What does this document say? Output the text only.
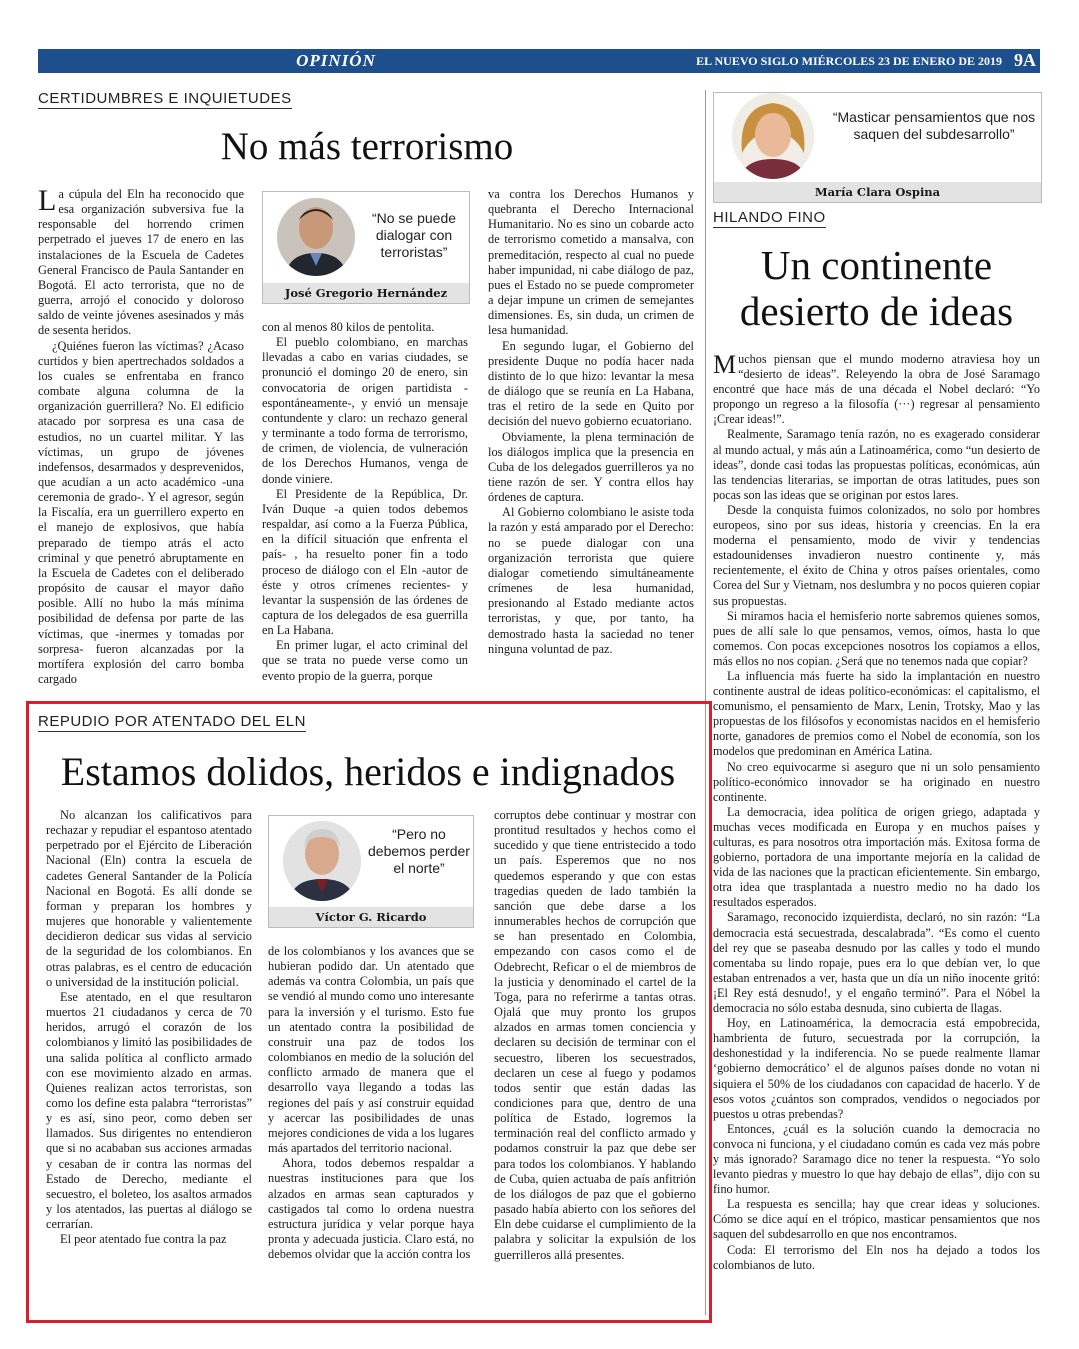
OPINIÓN	EL NUEVO SIGLO MIÉRCOLES 23 DE ENERO DE 2019 9A
CERTIDUMBRES E INQUIETUDES
No más terrorismo

La cúpula del Eln ha reconocido que esa organización subversiva fue la responsable del horrendo crimen perpetrado el jueves 17 de enero en las instalaciones de la Escuela de Cadetes General Francisco de Paula Santander en Bogotá. El acto terrorista, que no de guerra, arrojó el conocido y doloroso saldo de veinte jóvenes asesinados y más de sesenta heridos.

¿Quiénes fueron las víctimas? ¿Acaso curtidos y bien apertrechados soldados a los cuales se enfrentaba en franco combate alguna columna de la organización guerrillera? No. El edificio atacado por sorpresa es una casa de estudios, no un cuartel militar. Y las víctimas, un grupo de jóvenes indefensos, desarmados y desprevenidos, que acudían a un acto académico -una ceremonia de grado-. Y el agresor, según la Fiscalía, era un guerrillero experto en el manejo de explosivos, que había preparado de tiempo atrás el acto criminal y que penetró abruptamente en la Escuela de Cadetes con el deliberado propósito de causar el mayor daño posible. Allí no hubo la más mínima posibilidad de defensa por parte de las víctimas, que -inermes y tomadas por sorpresa- fueron alcanzadas por la mortífera explosión del carro bomba cargado

“No se puede dialogar con terroristas”
José Gregorio Hernández

con al menos 80 kilos de pentolita.

El pueblo colombiano, en marchas llevadas a cabo en varias ciudades, se pronunció el domingo 20 de enero, sin convocatoria de origen partidista -espontáneamente-, y envió un mensaje contundente y claro: un rechazo general y terminante a todo forma de terrorismo, de crimen, de violencia, de vulneración de los Derechos Humanos, venga de donde viniere.

El Presidente de la República, Dr. Iván Duque -a quien todos debemos respaldar, así como a la Fuerza Pública, en la difícil situación que enfrenta el país- , ha resuelto poner fin a todo proceso de diálogo con el Eln -autor de éste y otros crímenes recientes- y levantar la suspensión de las órdenes de captura de los delegados de esa guerrilla en La Habana.

En primer lugar, el acto criminal del que se trata no puede verse como un evento propio de la guerra, porque

va contra los Derechos Humanos y quebranta el Derecho Internacional Humanitario. No es sino un cobarde acto de terrorismo cometido a mansalva, con premeditación, respecto al cual no puede haber impunidad, ni cabe diálogo de paz, pues el Estado no se puede comprometer a dejar impune un crimen de semejantes dimensiones. Es, sin duda, un crimen de lesa humanidad.

En segundo lugar, el Gobierno del presidente Duque no podía hacer nada distinto de lo que hizo: levantar la mesa de diálogo que se reunía en La Habana, tras el retiro de la sede en Quito por decisión del nuevo gobierno ecuatoriano.

Obviamente, la plena terminación de los diálogos implica que la presencia en Cuba de los delegados guerrilleros ya no tiene razón de ser. Y contra ellos hay órdenes de captura.

Al Gobierno colombiano le asiste toda la razón y está amparado por el Derecho: no se puede dialogar con una organización terrorista que quiere dialogar cometiendo simultáneamente crímenes de lesa humanidad, presionando al Estado mediante actos terroristas, y que, por tanto, ha demostrado hasta la saciedad no tener ninguna voluntad de paz.

REPUDIO POR ATENTADO DEL ELN
Estamos dolidos, heridos e indignados

No alcanzan los calificativos para rechazar y repudiar el espantoso atentado perpetrado por el Ejército de Liberación Nacional (Eln) contra la escuela de cadetes General Santander de la Policía Nacional en Bogotá. Es allí donde se forman y preparan los hombres y mujeres que honorable y valientemente decidieron dedicar sus vidas al servicio de la seguridad de los colombianos. En otras palabras, es el centro de educación o universidad de la institución policial.

Ese atentado, en el que resultaron muertos 21 ciudadanos y cerca de 70 heridos, arrugó el corazón de los colombianos y limitó las posibilidades de una salida política al conflicto armado con ese movimiento alzado en armas. Quienes realizan actos terroristas, son como los define esta palabra “terroristas” y es así, sino peor, como deben ser llamados. Sus dirigentes no entendieron que si no acababan sus acciones armadas y cesaban de ir contra las normas del Estado de Derecho, mediante el secuestro, el boleteo, los asaltos armados y los atentados, las puertas al diálogo se cerrarían.

El peor atentado fue contra la paz

“Pero no debemos perder el norte”
Víctor G. Ricardo

de los colombianos y los avances que se hubieran podido dar. Un atentado que además va contra Colombia, un país que se vendió al mundo como uno interesante para la inversión y el turismo. Esto fue un atentado contra la posibilidad de construir una paz de todos los colombianos en medio de la solución del conflicto armado de manera que el desarrollo vaya llegando a todas las regiones del país y así construir equidad y acercar las posibilidades de unas mejores condiciones de vida a los lugares más apartados del territorio nacional.

Ahora, todos debemos respaldar a nuestras instituciones para que los alzados en armas sean capturados y castigados tal como lo ordena nuestra estructura jurídica y velar porque haya pronta y adecuada justicia. Claro está, no debemos olvidar que la acción contra los

corruptos debe continuar y mostrar con prontitud resultados y hechos como el sucedido y que tiene entristecido a todo un país. Esperemos que no nos quedemos esperando y que con estas tragedias queden de lado también la sanción que debe darse a los innumerables hechos de corrupción que se han presentado en Colombia, empezando con casos como el de Odebrecht, Reficar o el de miembros de la justicia y denominado el cartel de la Toga, para no referirme a tantas otras. Ojalá que muy pronto los grupos alzados en armas tomen conciencia y declaren su decisión de terminar con el secuestro, liberen los secuestrados, declaren un cese al fuego y podamos todos sentir que están dadas las condiciones para que, dentro de una política de Estado, logremos la terminación real del conflicto armado y podamos construir la paz que debe ser para todos los colombianos. Y hablando de Cuba, quien actuaba de país anfitrión de los diálogos de paz que el gobierno pasado había abierto con los señores del Eln debe cuidarse el cumplimiento de la palabra y solicitar la expulsión de los guerrilleros allá presentes.

“Masticar pensamientos que nos saquen del subdesarrollo”
María Clara Ospina
HILANDO FINO
Un continente
desierto de ideas

Muchos piensan que el mundo moderno atraviesa hoy un “desierto de ideas”. Releyendo la obra de José Saramago encontré que hace más de una década el Nobel declaró: “Yo propongo un regreso a la filosofía (···) regresar al pensamiento ¡Crear ideas!”.

Realmente, Saramago tenía razón, no es exagerado considerar al mundo actual, y más aún a Latinoamérica, como “un desierto de ideas”, donde casi todas las propuestas políticas, económicas, aún las tendencias literarias, se importan de otras latitudes, pues son pocas son las ideas que se originan por estos lares.

Desde la conquista fuimos colonizados, no solo por hombres europeos, sino por sus ideas, historia y creencias. En la era moderna el pensamiento, modo de vivir y tendencias estadounidenses invadieron nuestro continente y, más recientemente, el éxito de China y otros países orientales, como Corea del Sur y Vietnam, nos deslumbra y no pocos quieren copiar sus propuestas.

Si miramos hacia el hemisferio norte sabremos quienes somos, pues de allí sale lo que pensamos, vemos, oímos, hasta lo que comemos. Con pocas excepciones nosotros los copiamos a ellos, más ellos no nos copian. ¿Será que no tenemos nada que copiar?

La influencia más fuerte ha sido la implantación en nuestro continente austral de ideas político-económicas: el capitalismo, el comunismo, el pensamiento de Marx, Lenin, Trotsky, Mao y las propuestas de los filósofos y economistas nacidos en el hemisferio norte, ganadores de premios como el Nobel de economía, son los modelos que predominan en América Latina.

No creo equivocarme si aseguro que ni un solo pensamiento político-económico innovador se ha originado en nuestro continente.

La democracia, idea política de origen griego, adaptada y muchas veces modificada en Europa y en muchos países y culturas, es para nosotros otra importación más. Exitosa forma de gobierno, portadora de una importante mejoría en la calidad de vida de las naciones que la practican eficientemente. Sin embargo, otra idea que trasplantada a nuestro medio no ha dado los resultados esperados.

Saramago, reconocido izquierdista, declaró, no sin razón: “La democracia está secuestrada, descalabrada”. “Es como el cuento del rey que se paseaba desnudo por las calles y todo el mundo comentaba su lindo ropaje, pues era lo que debían ver, lo que estaban entrenados a ver, hasta que un día un niño inocente gritó: ¡El Rey está desnudo!, y el engaño terminó”. Para el Nóbel la democracia no sólo estaba desnuda, sino cubierta de llagas.

Hoy, en Latinoamérica, la democracia está empobrecida, hambrienta de futuro, secuestrada por la corrupción, la deshonestidad y la indiferencia. No se puede realmente llamar ‘gobierno democrático’ el de algunos países donde no votan ni siquiera el 50% de los ciudadanos con capacidad de hacerlo. Y de esos votos ¿cuántos son comprados, vendidos o negociados por puestos u otras prebendas?

Entonces, ¿cuál es la solución cuando la democracia no convoca ni funciona, y el ciudadano común es cada vez más pobre y más ignorado? Saramago dice no tener la respuesta. “Yo solo levanto piedras y muestro lo que hay debajo de ellas”, dijo con su fino humor.

La respuesta es sencilla; hay que crear ideas y soluciones. Cómo se dice aquí en el trópico, masticar pensamientos que nos saquen del subdesarrollo en que nos encontramos.

Coda: El terrorismo del Eln nos ha dejado a todos los colombianos de luto.
